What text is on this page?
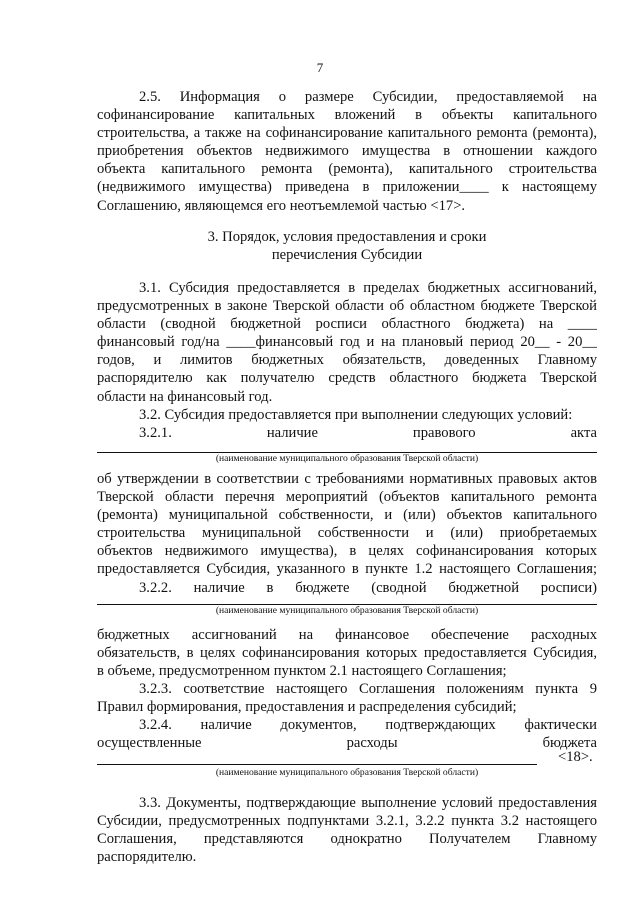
7
2.5. Информация о размере Субсидии, предоставляемой на
софинансирование капитальных вложений в объекты капитального
строительства, а также на софинансирование капитального ремонта (ремонта),
приобретения объектов недвижимого имущества в отношении каждого
объекта капитального ремонта (ремонта), капитального строительства
(недвижимого имущества) приведена в приложении____ к настоящему
Соглашению, являющемся его неотъемлемой частью <17>.
3. Порядок, условия предоставления и сроки
перечисления Субсидии
3.1. Субсидия предоставляется в пределах бюджетных ассигнований,
предусмотренных в законе Тверской области об областном бюджете Тверской
области (сводной бюджетной росписи областного бюджета) на ____
финансовый год/на ____финансовый год и на плановый период 20__ - 20__
годов, и лимитов бюджетных обязательств, доведенных Главному
распорядителю как получателю средств областного бюджета Тверской
области на финансовый год.
3.2. Субсидия предоставляется при выполнении следующих условий:
3.2.1. наличие правового акта
(наименование муниципального образования Тверской области)
об утверждении в соответствии с требованиями нормативных правовых актов
Тверской области перечня мероприятий (объектов капитального ремонта
(ремонта) муниципальной собственности, и (или) объектов капитального
строительства муниципальной собственности и (или) приобретаемых
объектов недвижимого имущества), в целях софинансирования которых
предоставляется Субсидия, указанного в пункте 1.2 настоящего Соглашения;
3.2.2. наличие в бюджете (сводной бюджетной росписи)
(наименование муниципального образования Тверской области)
бюджетных ассигнований на финансовое обеспечение расходных
обязательств, в целях софинансирования которых предоставляется Субсидия,
в объеме, предусмотренном пунктом 2.1 настоящего Соглашения;
3.2.3. соответствие настоящего Соглашения положениям пункта 9
Правил формирования, предоставления и распределения субсидий;
3.2.4. наличие документов, подтверждающих фактически
осуществленные расходы бюджета
<18>.
(наименование муниципального образования Тверской области)
3.3. Документы, подтверждающие выполнение условий предоставления
Субсидии, предусмотренных подпунктами 3.2.1, 3.2.2 пункта 3.2 настоящего
Соглашения, представляются однократно Получателем Главному
распорядителю.
